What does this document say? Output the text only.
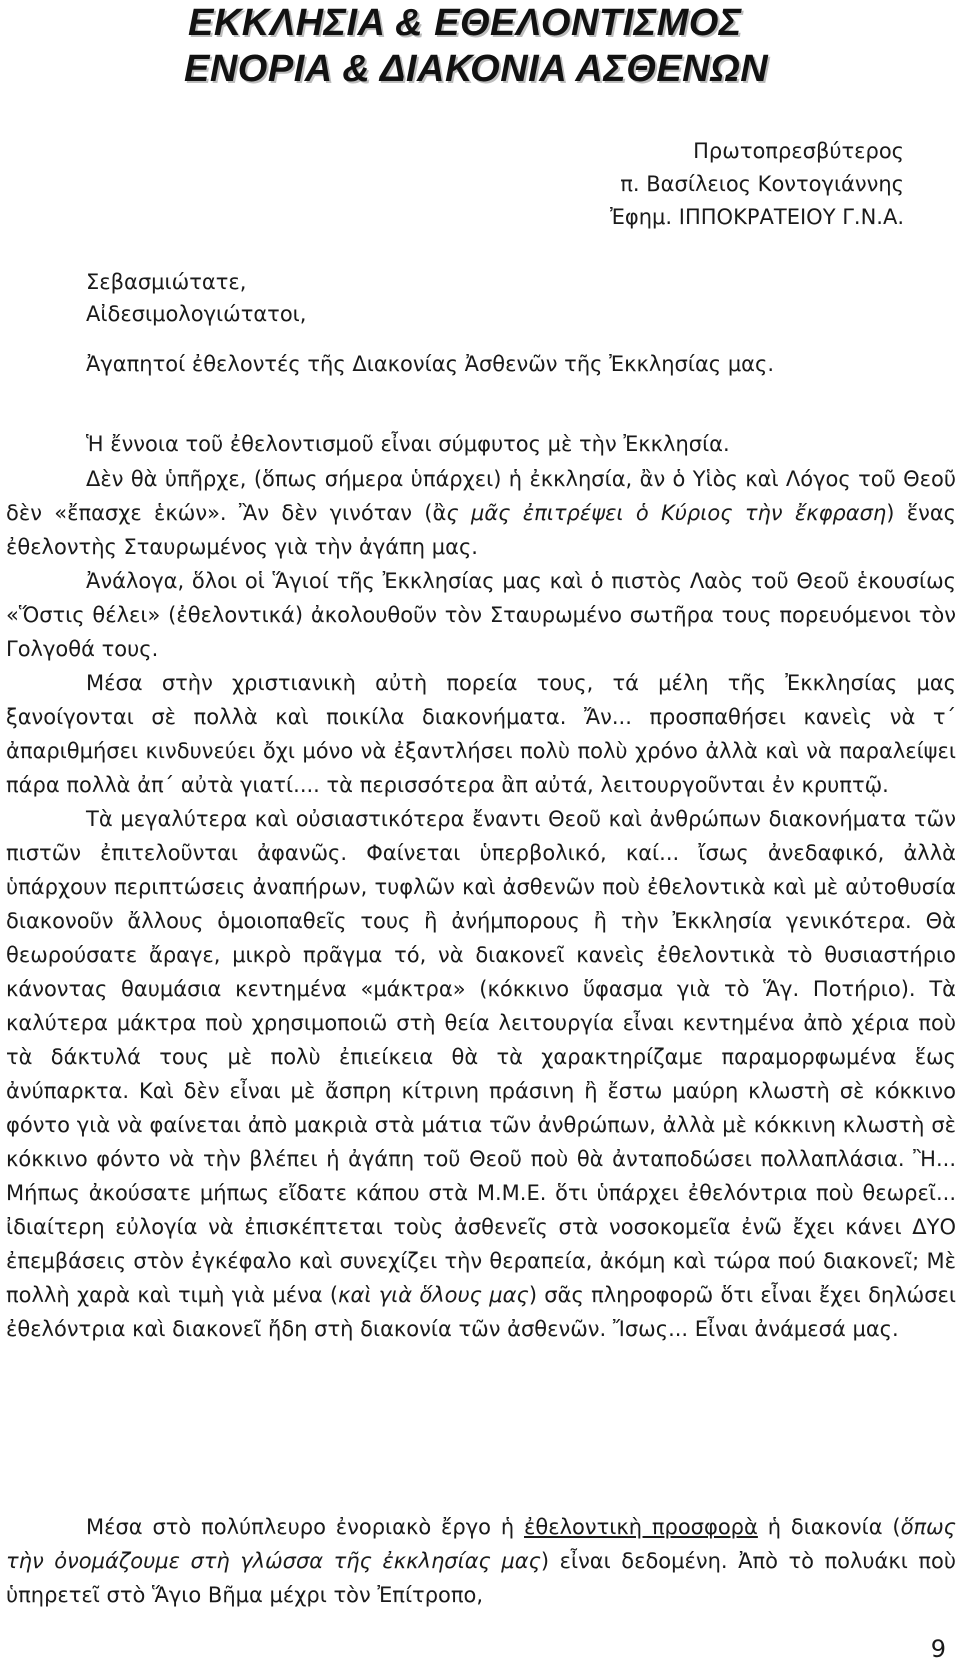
ΕΚΚΛΗΣΙΑ & ΕΘΕΛΟΝΤΙΣΜΟΣ
ΕΝΟΡΙΑ & ΔΙΑΚΟΝΙΑ ΑΣΘΕΝΩΝ
Πρωτοπρεσβύτερος
π. Βασίλειος Κοντογιάννης
Ἐφημ. ΙΠΠΟΚΡΑΤΕΙΟΥ Γ.Ν.Α.
Σεβασμιώτατε,
Αἰδεσιμολογιώτατοι,
Ἀγαπητοί ἐθελοντές τῆς Διακονίας Ἀσθενῶν τῆς Ἐκκλησίας μας.
Ἡ ἔννοια τοῦ ἐθελοντισμοῦ εἶναι σύμφυτος μὲ τὴν Ἐκκλησία.

Δὲν θὰ ὑπῆρχε, (ὅπως σήμερα ὑπάρχει) ἡ ἐκκλησία, ἂν ὁ Υἱὸς καὶ Λόγος τοῦ Θεοῦ δὲν «ἔπασχε ἑκών». Ἂν δὲν γινόταν (ἂς μᾶς ἐπιτρέψει ὁ Κύριος τὴν ἔκφραση) ἕνας ἐθελοντὴς Σταυρωμένος γιὰ τὴν ἀγάπη μας.

Ἀνάλογα, ὅλοι οἱ Ἅγιοί τῆς Ἐκκλησίας μας καὶ ὁ πιστὸς Λαὸς τοῦ Θεοῦ ἑκουσίως «Ὅστις θέλει» (ἐθελοντικά) ἀκολουθοῦν τὸν Σταυρωμένο σωτῆρα τους πορευόμενοι τὸν Γολγοθά τους.

Μέσα στὴν χριστιανικὴ αὐτὴ πορεία τους, τά μέλη τῆς Ἐκκλησίας μας ξανοίγονται σὲ πολλὰ καὶ ποικίλα διακονήματα. Ἄν... προσπαθήσει κανεὶς νὰ τ΄ ἀπαριθμήσει κινδυνεύει ὄχι μόνο νὰ ἐξαντλήσει πολὺ πολὺ χρόνο ἀλλὰ καὶ νὰ παραλείψει πάρα πολλὰ ἀπ΄ αὐτὰ γιατί.... τὰ περισσότερα ἂπ αὐτά, λειτουργοῦνται ἐν κρυπτῷ.

Τὰ μεγαλύτερα καὶ οὐσιαστικότερα ἔναντι Θεοῦ καὶ ἀνθρώπων διακονήματα τῶν πιστῶν ἐπιτελοῦνται ἀφανῶς. Φαίνεται ὑπερβολικό, καί... ἴσως ἀνεδαφικό, ἀλλὰ ὑπάρχουν περιπτώσεις ἀναπήρων, τυφλῶν καὶ ἀσθενῶν ποὺ ἐθελοντικὰ καὶ μὲ αὐτοθυσία διακονοῦν ἄλλους ὁμοιοπαθεῖς τους ἢ ἀνήμπορους ἢ τὴν Ἐκκλησία γενικότερα. Θὰ θεωρούσατε ἄραγε, μικρὸ πρᾶγμα τό, νὰ διακονεῖ κανεὶς ἐθελοντικὰ τὸ θυσιαστήριο κάνοντας θαυμάσια κεντημένα «μάκτρα» (κόκκινο ὕφασμα γιὰ τὸ Ἅγ. Ποτήριο). Τὰ καλύτερα μάκτρα ποὺ χρησιμοποιῶ στὴ θεία λειτουργία εἶναι κεντημένα ἀπὸ χέρια ποὺ τὰ δάκτυλά τους μὲ πολὺ ἐπιείκεια θὰ τὰ χαρακτηρίζαμε παραμορφωμένα ἕως ἀνύπαρκτα. Καὶ δὲν εἶναι μὲ ἄσπρη κίτρινη πράσινη ἢ ἔστω μαύρη κλωστὴ σὲ κόκκινο φόντο γιὰ νὰ φαίνεται ἀπὸ μακριὰ στὰ μάτια τῶν ἀνθρώπων, ἀλλὰ μὲ κόκκινη κλωστὴ σὲ κόκκινο φόντο νὰ τὴν βλέπει ἡ ἀγάπη τοῦ Θεοῦ ποὺ θὰ ἀνταποδώσει πολλαπλάσια. Ἢ... Μήπως ἀκούσατε μήπως εἴδατε κάπου στὰ Μ.Μ.Ε. ὅτι ὑπάρχει ἐθελόντρια ποὺ θεωρεῖ... ἰδιαίτερη εὐλογία νὰ ἐπισκέπτεται τοὺς ἀσθενεῖς στὰ νοσοκομεῖα ἐνῶ ἔχει κάνει ΔΥΟ ἐπεμβάσεις στὸν ἐγκέφαλο καὶ συνεχίζει τὴν θεραπεία, ἀκόμη καὶ τώρα πού διακονεῖ; Μὲ πολλὴ χαρὰ καὶ τιμὴ γιὰ μένα (καὶ γιὰ ὅλους μας) σᾶς πληροφορῶ ὅτι εἶναι ἔχει δηλώσει ἐθελόντρια καὶ διακονεῖ ἤδη στὴ διακονία τῶν ἀσθενῶν. Ἴσως... Εἶναι ἀνάμεσά μας.

Μέσα στὸ πολύπλευρο ἐνοριακὸ ἔργο ἡ ἐθελοντικὴ προσφορὰ ἡ διακονία (ὅπως τὴν ὀνομάζουμε στὴ γλώσσα τῆς ἐκκλησίας μας) εἶναι δεδομένη. Ἀπὸ τὸ πολυάκι ποὺ ὑπηρετεῖ στὸ Ἅγιο Βῆμα μέχρι τὸν Ἐπίτροπο,

9
